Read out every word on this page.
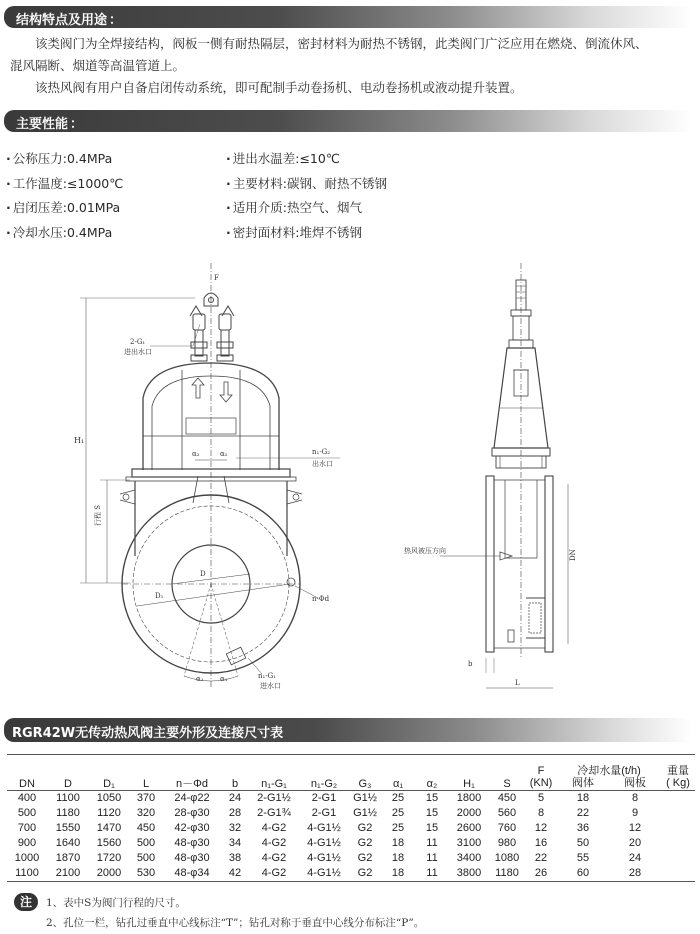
结构特点及用途 ：
该类阀门为全焊接结构，阀板一侧有耐热隔层，密封材料为耐热不锈钢，此类阀门广泛应用在燃烧、倒流休风、
混风隔断、烟道等高温管道上。
该热风阀有用户自备启闭传动系统，即可配制手动卷扬机、电动卷扬机或液动提升装置。
主要性能 ：
· 公称压力:0.4MPa
· 工作温度:≤1000℃
· 启闭压差:0.01MPa
· 冷却水压:0.4MPa
· 进出水温差:≤10℃
· 主要材料:碳钢、耐热不锈钢
· 适用介质:热空气、烟气
· 密封面材料:堆焊不锈钢
F
α₂	α₂
D
D₁	n-Φd
α₁ α₁	n₁-G₁
进水口
H₁
行程 S
2-G₁
进出水口
n₁-G₂
出水口
热风被压方向	DN
b
L
RGR42W无传动热风阀主要外形及连接尺寸表
DN	D	D₁	L	n－Φd	b	n₁-G₁	n₁-G₂	G₃	α₁	α₂	H₁	S	F	冷却水量(t/h)		重量
													(KN)	阀体	阀板	( Kg)
400	1100	1050	370	24-φ22	24	2-G1½	2-G1	G1½	25	15	1800	450	5	18	8	
500	1180	1120	320	28-φ30	28	2-G1¾	2-G1	G1½	25	15	2000	560	8	22	9	
700	1550	1470	450	42-φ30	32	4-G2	4-G1½	G2	25	15	2600	760	12	36	12	
900	1640	1560	500	48-φ30	34	4-G2	4-G1½	G2	18	11	3100	980	16	50	20	
1000	1870	1720	500	48-φ30	38	4-G2	4-G1½	G2	18	11	3400	1080	22	55	24	
1100	2100	2000	530	48-φ34	42	4-G2	4-G1½	G2	18	11	3800	1180	26	60	28	
注	1、表中S为阀门行程的尺寸。
2、孔位一栏，钻孔过垂直中心线标注“T”；钻孔对称于垂直中心线分布标注“P”。
